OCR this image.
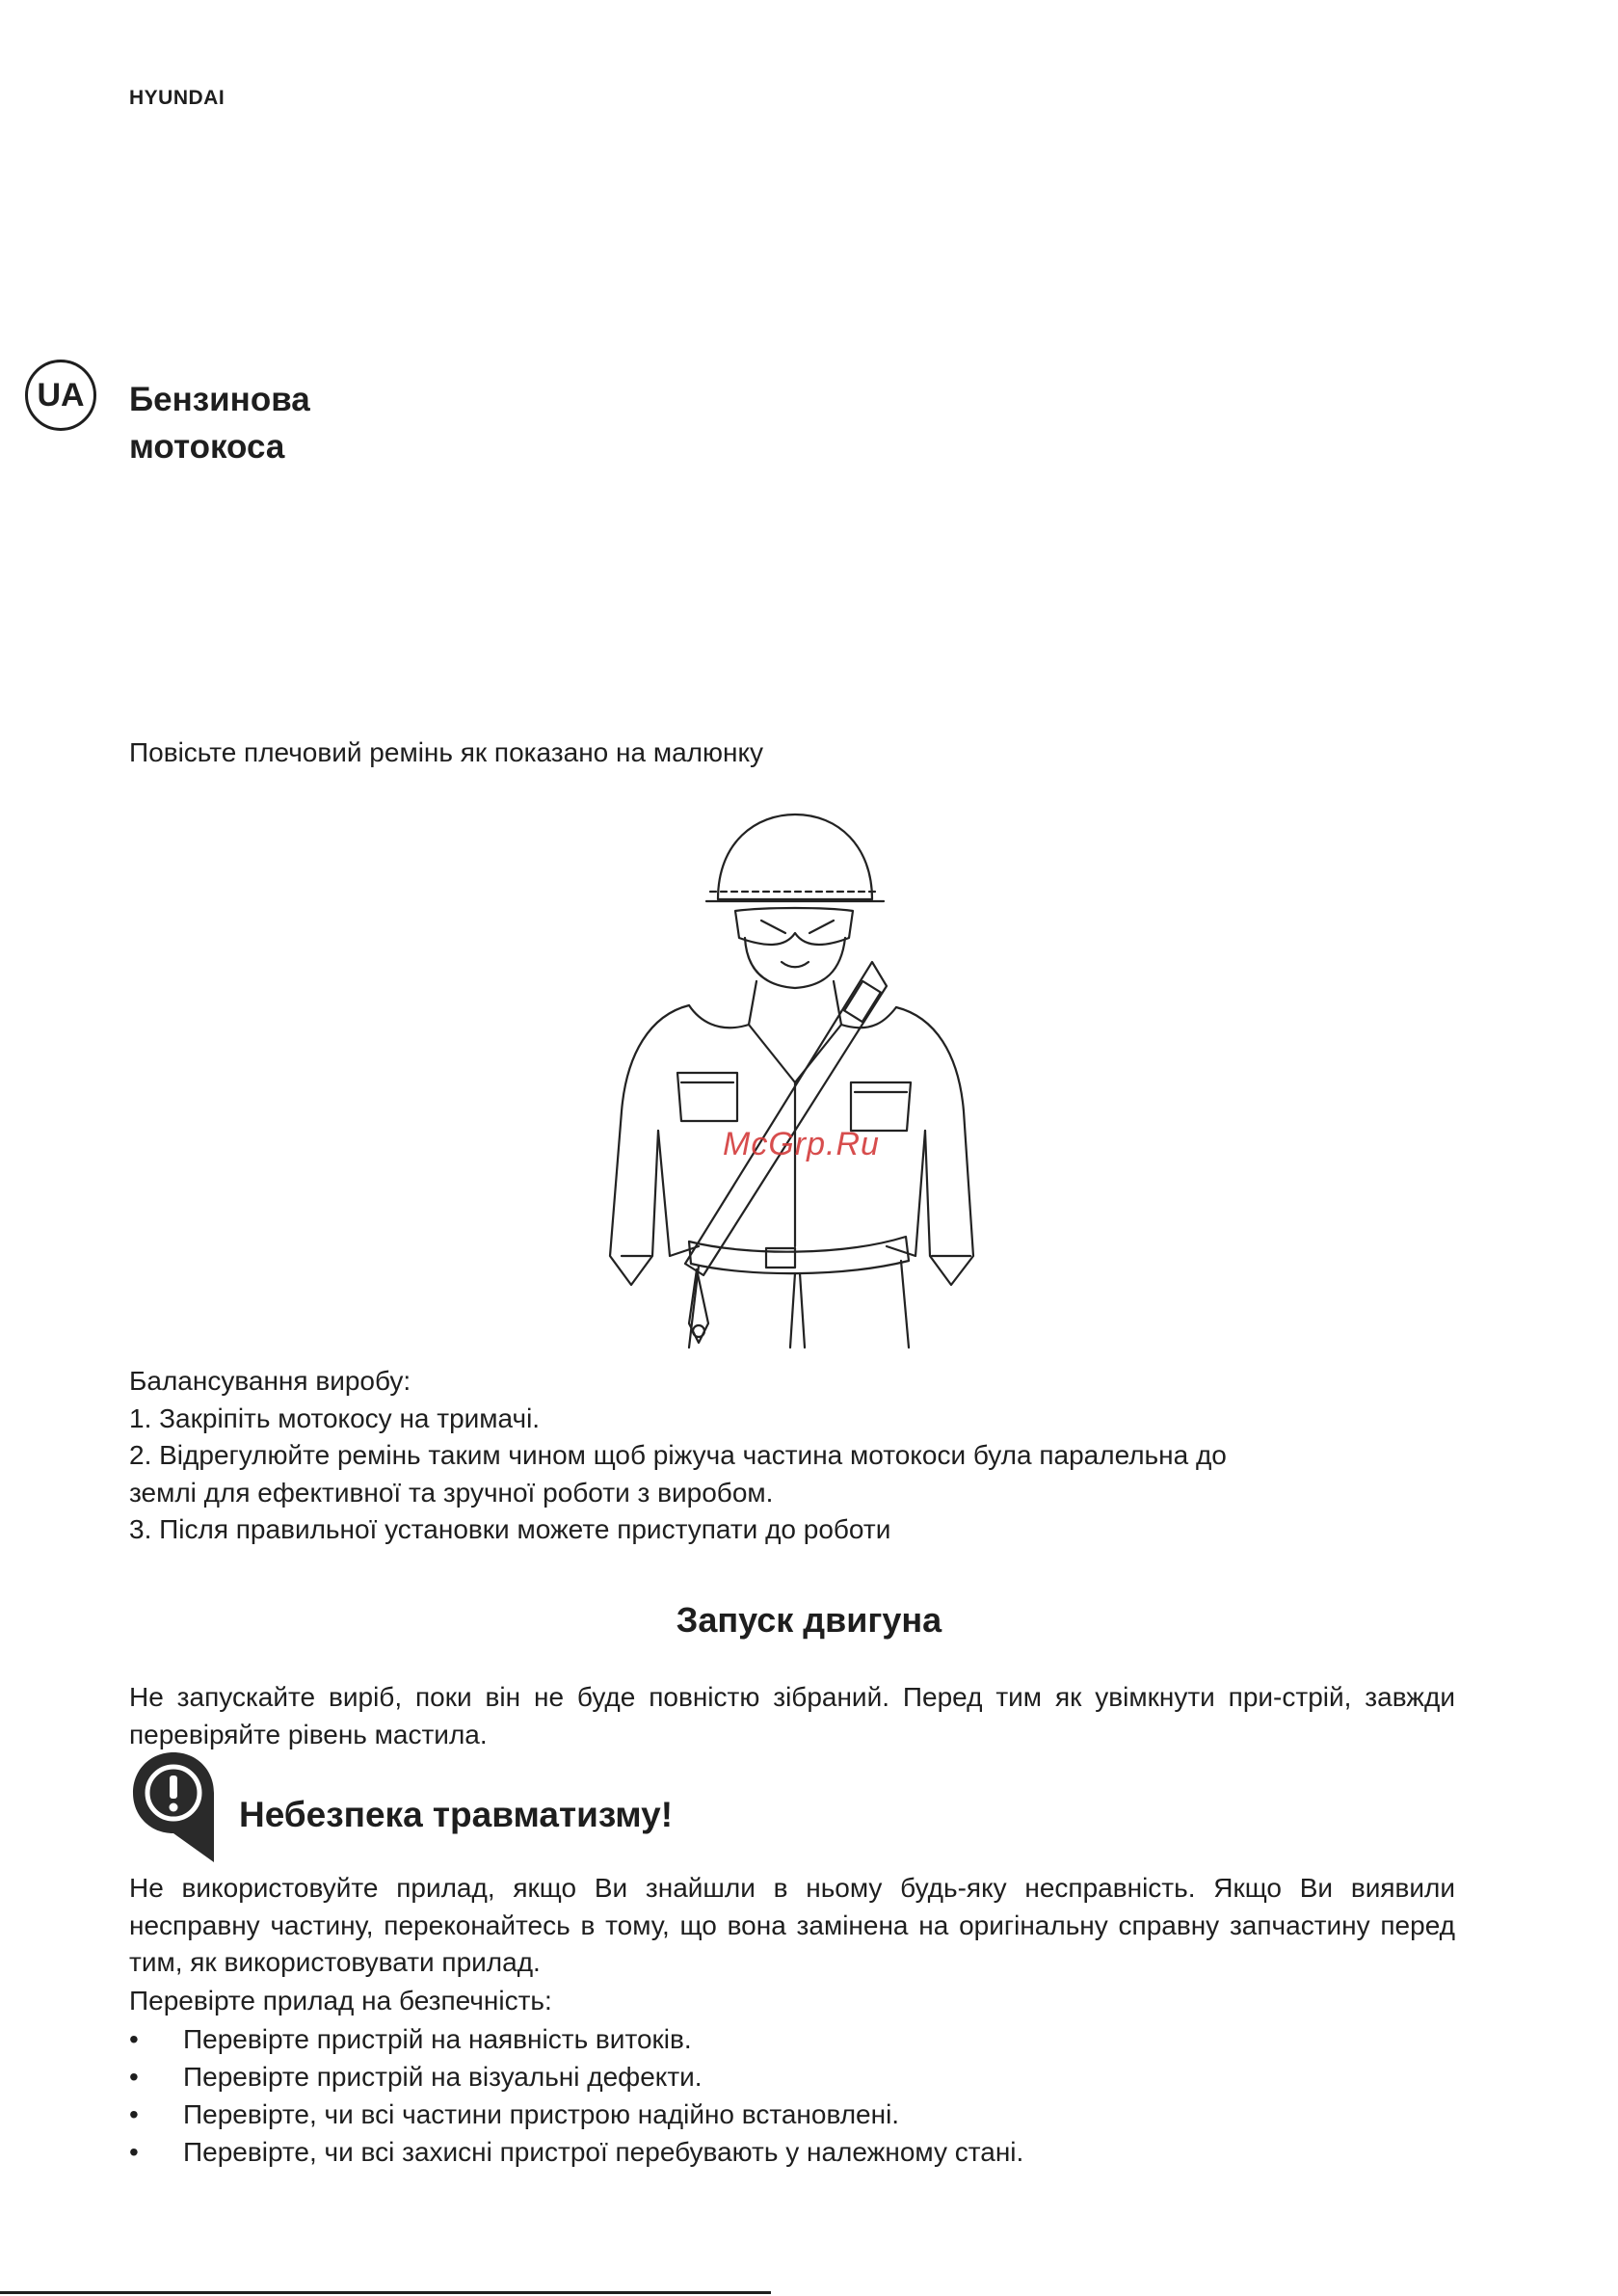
HYUNDAI
UA	Бензинова
мотокоса
Повісьте плечовий ремінь як показано на малюнку
McGrp.Ru
Балансування виробу:
1. Закріпіть мотокосу на тримачі.
2. Відрегулюйте ремінь таким чином щоб ріжуча частина мотокоси була паралельна до
землі для ефективної та зручної роботи з виробом.
3. Після правильної установки можете приступати до роботи
Запуск двигуна
Не запускайте виріб, поки він не буде повністю зібраний. Перед тим як увімкнути при-стрій, завжди перевіряйте рівень мастила.
Небезпека травматизму!
Не використовуйте прилад, якщо Ви знайшли в ньому будь-яку несправність. Якщо Ви виявили несправну частину, переконайтесь в тому, що вона замінена на оригінальну справну запчастину перед тим, як використовувати прилад.
Перевірте прилад на безпечність:
•	Перевірте пристрій на наявність витоків.
•	Перевірте пристрій на візуальні дефекти.
•	Перевірте, чи всі частини пристрою надійно встановлені.
•	Перевірте, чи всі захисні пристрої перебувають у належному стані.
